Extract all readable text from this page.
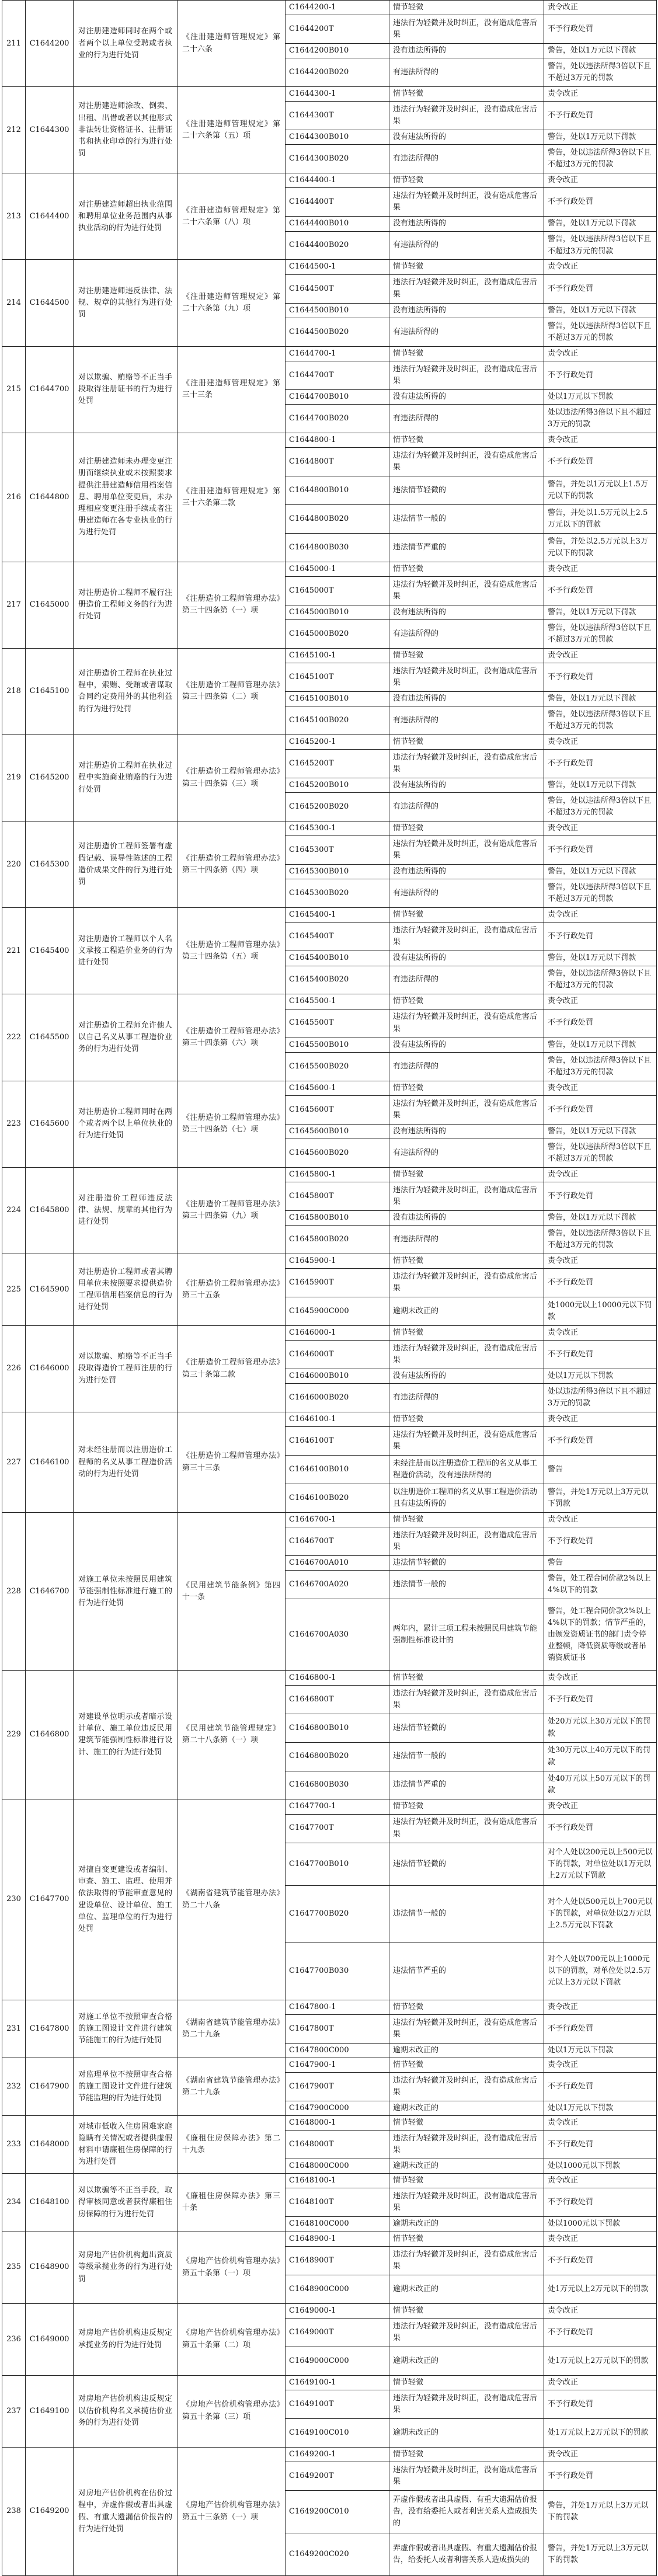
211	C1644200	对注册建造师同时在两个或者两个以上单位受聘或者执业的行为进行处罚	《注册建造师管理规定》第二十六条	C1644200-1	情节轻微	责令改正
				C1644200T	违法行为轻微并及时纠正，没有造成危害后果	不予行政处罚
				C1644200B010	没有违法所得的	警告，处以1万元以下罚款
				C1644200B020	有违法所得的	警告，处以违法所得3倍以下且不超过3万元的罚款
212	C1644300	对注册建造师涂改、倒卖、出租、出借或者以其他形式非法转让资格证书、注册证书和执业印章的行为进行处罚	《注册建造师管理规定》第二十六条第（五）项	C1644300-1	情节轻微	责令改正
				C1644300T	违法行为轻微并及时纠正，没有造成危害后果	不予行政处罚
				C1644300B010	没有违法所得的	警告，处以1万元以下罚款
				C1644300B020	有违法所得的	警告，处以违法所得3倍以下且不超过3万元的罚款
213	C1644400	对注册建造师超出执业范围和聘用单位业务范围内从事执业活动的行为进行处罚	《注册建造师管理规定》第二十六条第（八）项	C1644400-1	情节轻微	责令改正
				C1644400T	违法行为轻微并及时纠正，没有造成危害后果	不予行政处罚
				C1644400B010	没有违法所得的	警告，处以1万元以下罚款
				C1644400B020	有违法所得的	警告，处以违法所得3倍以下且不超过3万元的罚款
214	C1644500	对注册建造师违反法律、法规、规章的其他行为进行处罚	《注册建造师管理规定》第二十六条第（九）项	C1644500-1	情节轻微	责令改正
				C1644500T	违法行为轻微并及时纠正，没有造成危害后果	不予行政处罚
				C1644500B010	没有违法所得的	警告，处以1万元以下罚款
				C1644500B020	有违法所得的	警告，处以违法所得3倍以下且不超过3万元的罚款
215	C1644700	对以欺骗、贿赂等不正当手段取得注册证书的行为进行处罚	《注册建造师管理规定》第三十三条	C1644700-1	情节轻微	责令改正
				C1644700T	违法行为轻微并及时纠正，没有造成危害后果	不予行政处罚
				C1644700B010	没有违法所得的	处以1万元以下罚款
				C1644700B020	有违法所得的	处以违法所得3倍以下且不超过3万元的罚款
216	C1644800	对注册建造师未办理变更注册而继续执业或未按照要求提供注册建造师信用档案信息、聘用单位变更后，未办理相应变更注册手续或者注册建造师在各专业执业的行为进行处罚	《注册建造师管理规定》第三十六条第二款	C1644800-1	情节轻微	责令改正
				C1644800T	违法行为轻微并及时纠正，没有造成危害后果	不予行政处罚
				C1644800B010	违法情节轻微的	警告，并处以1万元以上1.5万元以下的罚款
				C1644800B020	违法情节一般的	警告，并处以1.5万元以上2.5万元以下的罚款
				C1644800B030	违法情节严重的	警告，并处以2.5万元以上3万元以下的罚款
217	C1645000	对注册造价工程师不履行注册造价工程师义务的行为进行处罚	《注册造价工程师管理办法》第三十四条第（一）项	C1645000-1	情节轻微	责令改正
				C1645000T	违法行为轻微并及时纠正，没有造成危害后果	不予行政处罚
				C1645000B010	没有违法所得的	警告，处以1万元以下罚款
				C1645000B020	有违法所得的	警告，处以违法所得3倍以下且不超过3万元的罚款
218	C1645100	对注册造价工程师在执业过程中，索贿、受贿或者谋取合同约定费用外的其他利益的行为进行处罚	《注册造价工程师管理办法》第三十四条第（二）项	C1645100-1	情节轻微	责令改正
				C1645100T	违法行为轻微并及时纠正，没有造成危害后果	不予行政处罚
				C1645100B010	没有违法所得的	警告，处以1万元以下罚款
				C1645100B020	有违法所得的	警告，处以违法所得3倍以下且不超过3万元的罚款
219	C1645200	对注册造价工程师在执业过程中实施商业贿赂的行为进行处罚	《注册造价工程师管理办法》第三十四条第（三）项	C1645200-1	情节轻微	责令改正
				C1645200T	违法行为轻微并及时纠正，没有造成危害后果	不予行政处罚
				C1645200B010	没有违法所得的	警告，处以1万元以下罚款
				C1645200B020	有违法所得的	警告，处以违法所得3倍以下且不超过3万元的罚款
220	C1645300	对注册造价工程师签署有虚假记载、误导性陈述的工程造价成果文件的行为进行处罚	《注册造价工程师管理办法》第三十四条第（四）项	C1645300-1	情节轻微	责令改正
				C1645300T	违法行为轻微并及时纠正，没有造成危害后果	不予行政处罚
				C1645300B010	没有违法所得的	警告，处以1万元以下罚款
				C1645300B020	有违法所得的	警告，处以违法所得3倍以下且不超过3万元的罚款
221	C1645400	对注册造价工程师以个人名义承接工程造价业务的行为进行处罚	《注册造价工程师管理办法》第三十四条第（五）项	C1645400-1	情节轻微	责令改正
				C1645400T	违法行为轻微并及时纠正，没有造成危害后果	不予行政处罚
				C1645400B010	没有违法所得的	警告，处以1万元以下罚款
				C1645400B020	有违法所得的	警告，处以违法所得3倍以下且不超过3万元的罚款
222	C1645500	对注册造价工程师允许他人以自己名义从事工程造价业务的行为进行处罚	《注册造价工程师管理办法》第三十四条第（六）项	C1645500-1	情节轻微	责令改正
				C1645500T	违法行为轻微并及时纠正，没有造成危害后果	不予行政处罚
				C1645500B010	没有违法所得的	警告，处以1万元以下罚款
				C1645500B020	有违法所得的	警告，处以违法所得3倍以下且不超过3万元的罚款
223	C1645600	对注册造价工程师同时在两个或者两个以上单位执业的行为进行处罚	《注册造价工程师管理办法》第三十四条第（七）项	C1645600-1	情节轻微	责令改正
				C1645600T	违法行为轻微并及时纠正，没有造成危害后果	不予行政处罚
				C1645600B010	没有违法所得的	警告，处以1万元以下罚款
				C1645600B020	有违法所得的	警告，处以违法所得3倍以下且不超过3万元的罚款
224	C1645800	对注册造价工程师违反法律、法规、规章的其他行为进行处罚	《注册造价工程师管理办法》第三十四条第（九）项	C1645800-1	情节轻微	责令改正
				C1645800T	违法行为轻微并及时纠正，没有造成危害后果	不予行政处罚
				C1645800B010	没有违法所得的	警告，处以1万元以下罚款
				C1645800B020	有违法所得的	警告，处以违法所得3倍以下且不超过3万元的罚款
225	C1645900	对注册造价工程师或者其聘用单位未按照要求提供造价工程师信用档案信息的行为进行处罚	《注册造价工程师管理办法》第三十五条	C1645900-1	情节轻微	责令改正
				C1645900T	违法行为轻微并及时纠正，没有造成危害后果	不予行政处罚
				C1645900C000	逾期未改正的	处1000元以上10000元以下罚款
226	C1646000	对以欺骗、贿赂等不正当手段取得造价工程师注册的行为进行处罚	《注册造价工程师管理办法》第三十条第二款	C1646000-1	情节轻微	责令改正
				C1646000T	违法行为轻微并及时纠正，没有造成危害后果	不予行政处罚
				C1646000B010	没有违法所得的	处以1万元以下罚款
				C1646000B020	有违法所得的	处以违法所得3倍以下且不超过3万元的罚款
227	C1646100	对未经注册而以注册造价工程师的名义从事工程造价活动的行为进行处罚	《注册造价工程师管理办法》第三十三条	C1646100-1	情节轻微	责令改正
				C1646100T	违法行为轻微并及时纠正，没有造成危害后果	不予行政处罚
				C1646100B010	未经注册而以注册造价工程师的名义从事工程造价活动，没有违法所得的	警告
				C1646100B020	以注册造价工程师的名义从事工程造价活动且有违法所得的	警告，并处1万元以上3万元以下罚款
228	C1646700	对施工单位未按照民用建筑节能强制性标准进行施工的行为进行处罚	《民用建筑节能条例》第四十一条	C1646700-1	情节轻微	责令改正
				C1646700T	违法行为轻微并及时纠正，没有造成危害后果	不予行政处罚
				C1646700A010	违法情节轻微的	警告
				C1646700A020	违法情节一般的	警告，处工程合同价款2%以上4%以下的罚款
				C1646700A030	两年内，累计三项工程未按照民用建筑节能强制性标准设计的	警告，处工程合同价款2%以上4%以下的罚款；情节严重的，由颁发资质证书的部门责令停业整顿，降低资质等级或者吊销资质证书
229	C1646800	对建设单位明示或者暗示设计单位、施工单位违反民用建筑节能强制性标准进行设计、施工的行为进行处罚	《民用建筑节能管理规定》第二十八条第（一）项	C1646800-1	情节轻微	责令改正
				C1646800T	违法行为轻微并及时纠正，没有造成危害后果	不予行政处罚
				C1646800B010	违法情节轻微的	处20万元以上30万元以下的罚款
				C1646800B020	违法情节一般的	处30万元以上40万元以下的罚款
				C1646800B030	违法情节严重的	处40万元以上50万元以下的罚款
230	C1647700	对擅自变更建设或者编制、审查、施工、监理、使用并依法取得的节能审查意见的建设单位、设计单位、施工单位、监理单位的行为进行处罚	《湖南省建筑节能管理办法》第二十八条	C1647700-1	情节轻微	责令改正
				C1647700T	违法行为轻微并及时纠正，没有造成危害后果	不予行政处罚
				C1647700B010	违法情节轻微的	对个人处以200元以上500元以下的罚款，对单位处以1万元以上2万元以下罚款
				C1647700B020	违法情节一般的	对个人处以500元以上700元以下的罚款，对单位处以2万元以上2.5万元以下罚款
				C1647700B030	违法情节严重的	对个人处以700元以上1000元以下的罚款，对单位处以2.5万元以上3万元以下罚款
231	C1647800	对施工单位不按照审查合格的施工图设计文件进行建筑节能施工的行为进行处罚	《湖南省建筑节能管理办法》第二十九条	C1647800-1	情节轻微	责令改正
				C1647800T	违法行为轻微并及时纠正，没有造成危害后果	不予行政处罚
				C1647800C000	逾期未改正的	处以1万元以下罚款
232	C1647900	对监理单位不按照审查合格的施工图设计文件进行建筑节能监理的行为进行处罚	《湖南省建筑节能管理办法》第二十九条	C1647900-1	情节轻微	责令改正
				C1647900T	违法行为轻微并及时纠正，没有造成危害后果	不予行政处罚
				C1647900C000	逾期未改正的	处以1万元以下罚款
233	C1648000	对城市低收入住房困难家庭隐瞒有关情况或者提供虚假材料申请廉租住房保障的行为进行处罚	《廉租住房保障办法》第二十九条	C1648000-1	情节轻微	责令改正
				C1648000T	违法行为轻微并及时纠正，没有造成危害后果	不予行政处罚
				C1648000C000	逾期未改正的	处以1000元以下罚款
234	C1648100	对以欺骗等不正当手段，取得审核同意或者获得廉租住房保障的行为进行处罚	《廉租住房保障办法》第三十条	C1648100-1	情节轻微	责令改正
				C1648100T	违法行为轻微并及时纠正，没有造成危害后果	不予行政处罚
				C1648100C000	逾期未改正的	处以1000元以下罚款
235	C1648900	对房地产估价机构超出资质等级承揽业务的行为进行处罚	《房地产估价机构管理办法》第五十条第（一）项	C1648900-1	情节轻微	责令改正
				C1648900T	违法行为轻微并及时纠正，没有造成危害后果	不予行政处罚
				C1648900C000	逾期未改正的	处1万元以上2万元以下的罚款
236	C1649000	对房地产估价机构违反规定承揽业务的行为进行处罚	《房地产估价机构管理办法》第五十条第（二）项	C1649000-1	情节轻微	责令改正
				C1649000T	违法行为轻微并及时纠正，没有造成危害后果	不予行政处罚
				C1649000C000	逾期未改正的	处1万元以上2万元以下的罚款
237	C1649100	对房地产估价机构违反规定以估价机构名义承揽估价业务的行为进行处罚	《房地产估价机构管理办法》第五十条第（三）项	C1649100-1	情节轻微	责令改正
				C1649100T	违法行为轻微并及时纠正，没有造成危害后果	不予行政处罚
				C1649100C010	逾期未改正的	处1万元以上2万元以下的罚款
238	C1649200	对房地产估价机构在估价过程中，弄虚作假或者出具虚假、有重大遗漏估价报告的行为进行处罚	《房地产估价机构管理办法》第五十三条第（一）项	C1649200-1	情节轻微	责令改正
				C1649200T	违法行为轻微并及时纠正，没有造成危害后果	不予行政处罚
				C1649200C010	弄虚作假或者出具虚假、有重大遗漏估价报告，没有给委托人或者利害关系人造成损失的	警告，并处1万元以上3万元以下的罚款
				C1649200C020	弄虚作假或者出具虚假、有重大遗漏估价报告，给委托人或者利害关系人造成损失的	警告，并处1万元以上3万元以下的罚款
